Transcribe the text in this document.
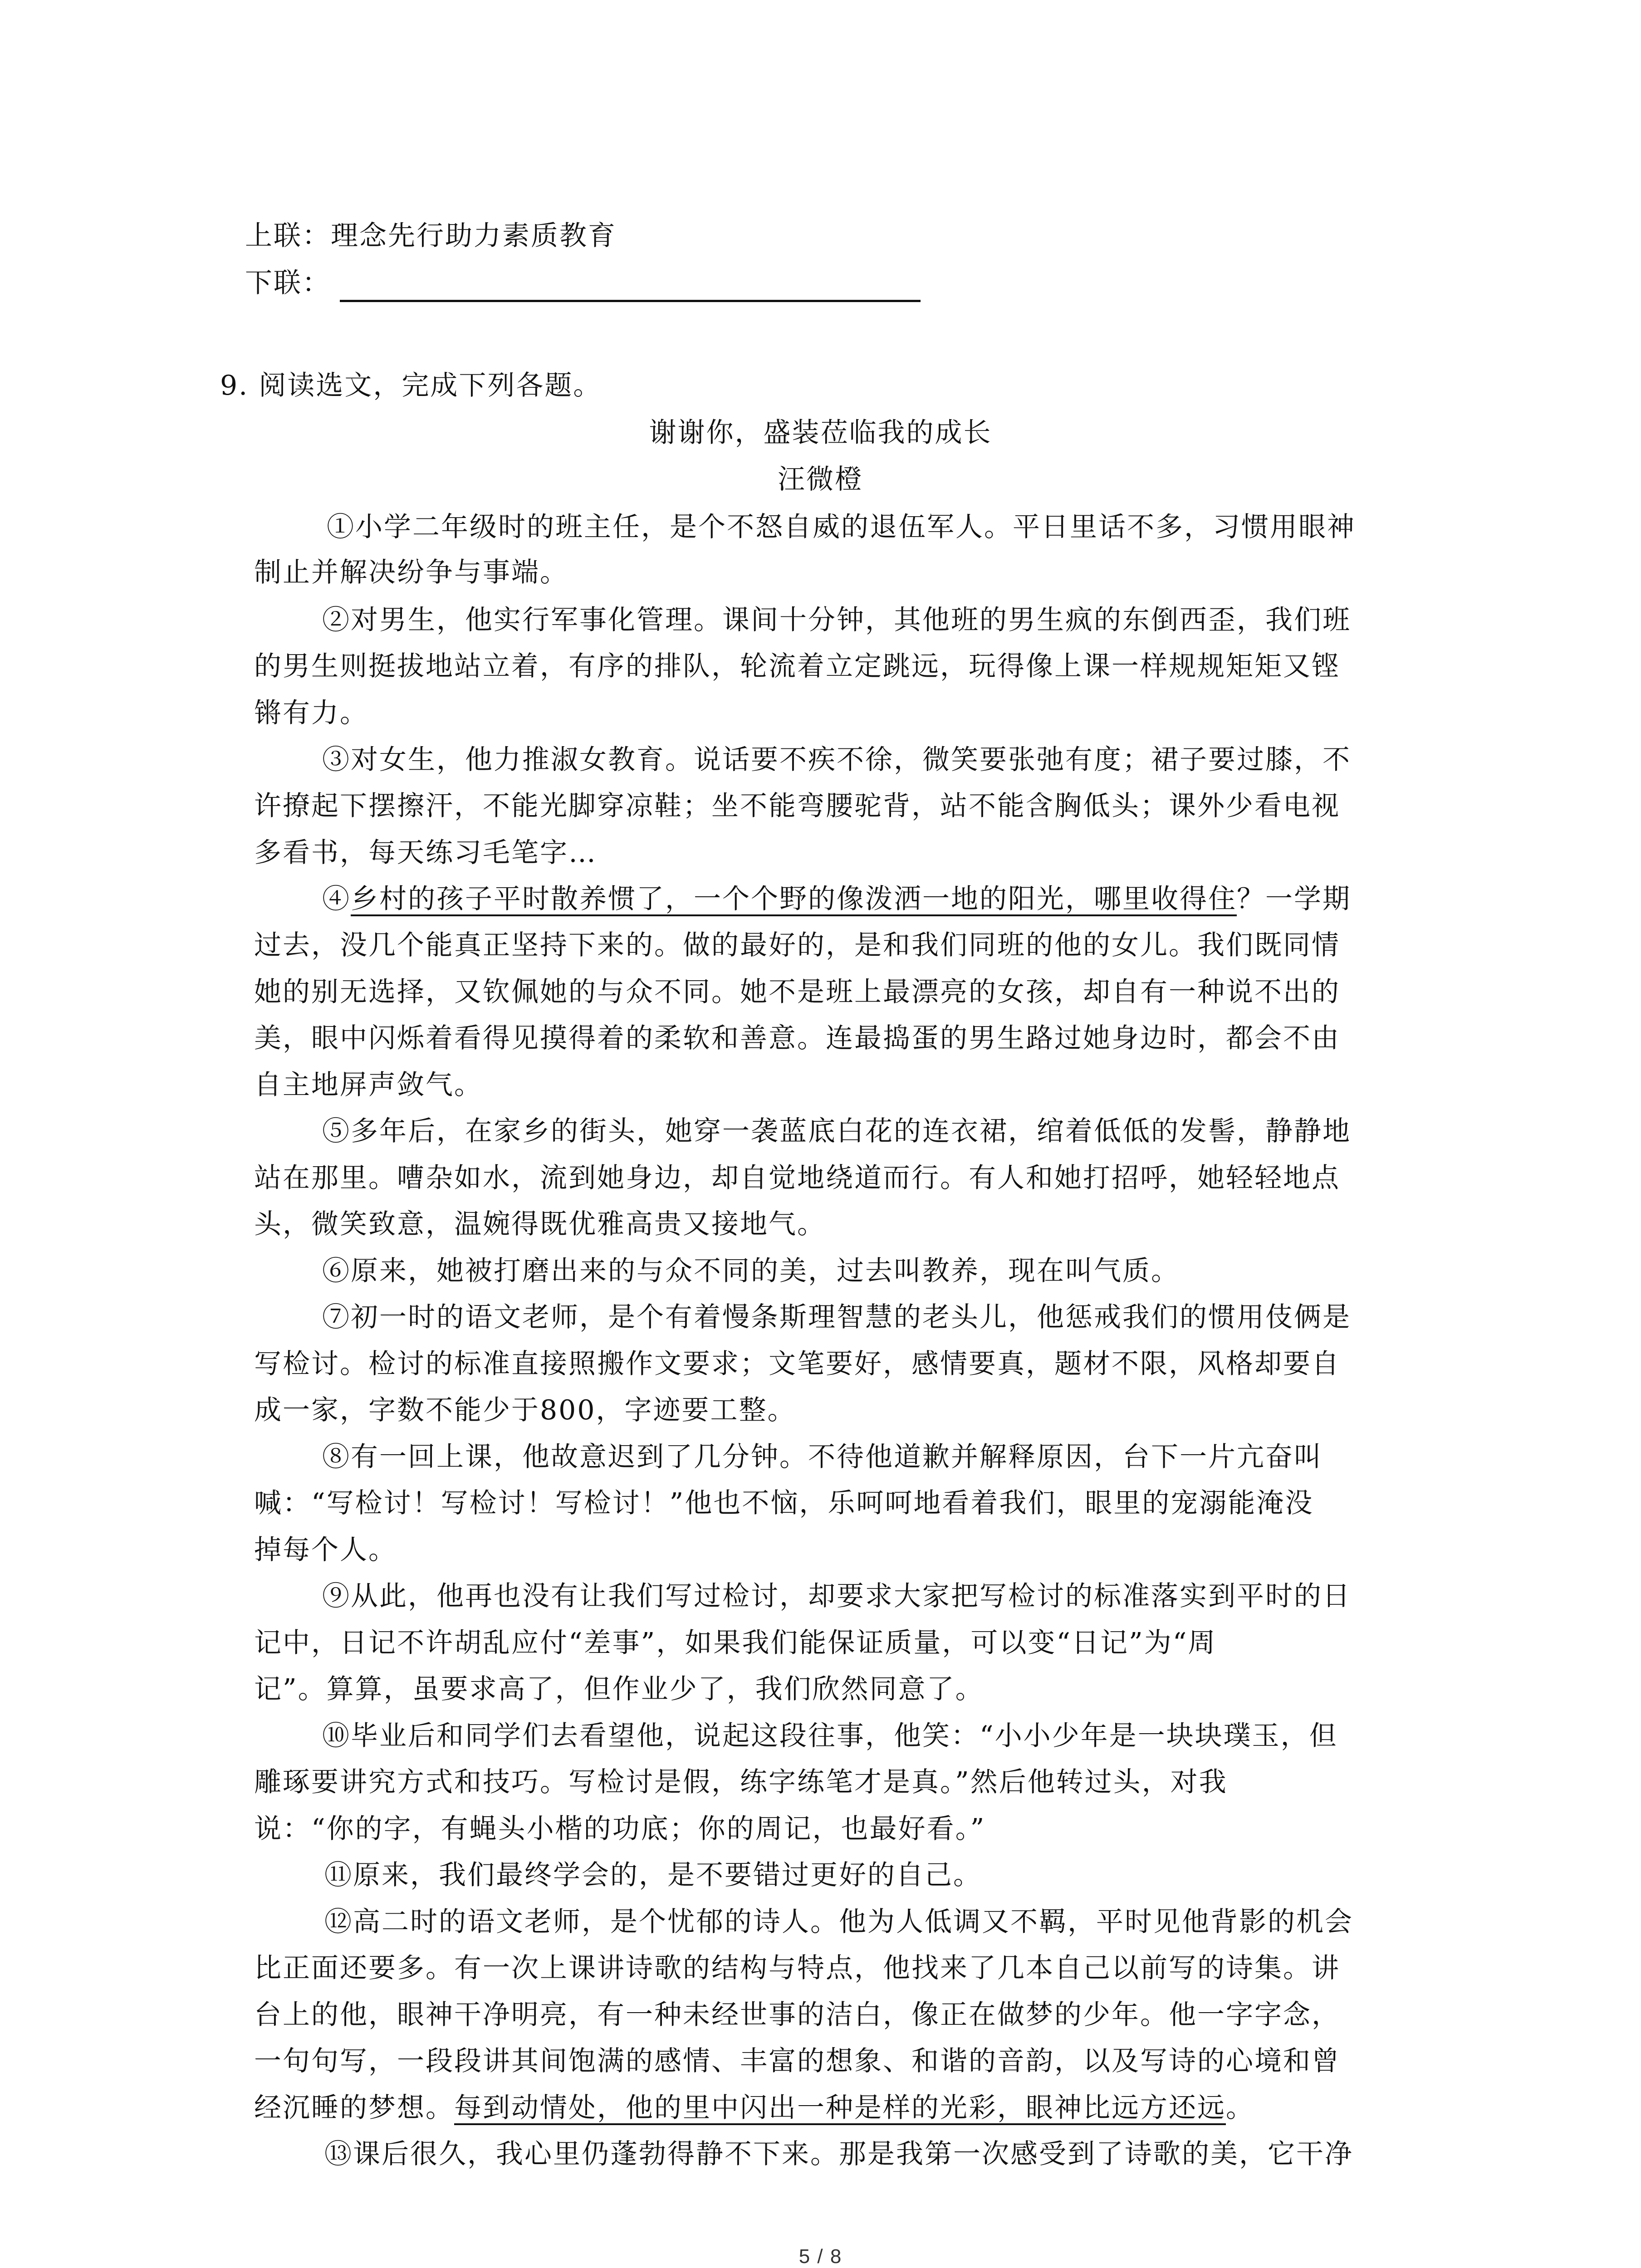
上联：理念先行助力素质教育
下联：
9. 阅读选文，完成下列各题。
谢谢你，盛装莅临我的成长
汪微橙
①小学二年级时的班主任，是个不怒自威的退伍军人。平日里话不多，习惯用眼神
制止并解决纷争与事端。
②对男生，他实行军事化管理。课间十分钟，其他班的男生疯的东倒西歪，我们班
的男生则挺拔地站立着，有序的排队，轮流着立定跳远，玩得像上课一样规规矩矩又铿
锵有力。
③对女生，他力推淑女教育。说话要不疾不徐，微笑要张弛有度；裙子要过膝，不
许撩起下摆擦汗，不能光脚穿凉鞋；坐不能弯腰驼背，站不能含胸低头；课外少看电视
多看书，每天练习毛笔字…
④乡村的孩子平时散养惯了，一个个野的像泼洒一地的阳光，哪里收得住？一学期
过去，没几个能真正坚持下来的。做的最好的，是和我们同班的他的女儿。我们既同情
她的别无选择，又钦佩她的与众不同。她不是班上最漂亮的女孩，却自有一种说不出的
美，眼中闪烁着看得见摸得着的柔软和善意。连最捣蛋的男生路过她身边时，都会不由
自主地屏声敛气。
⑤多年后，在家乡的街头，她穿一袭蓝底白花的连衣裙，绾着低低的发髻，静静地
站在那里。嘈杂如水，流到她身边，却自觉地绕道而行。有人和她打招呼，她轻轻地点
头，微笑致意，温婉得既优雅高贵又接地气。
⑥原来，她被打磨出来的与众不同的美，过去叫教养，现在叫气质。
⑦初一时的语文老师，是个有着慢条斯理智慧的老头儿，他惩戒我们的惯用伎俩是
写检讨。检讨的标准直接照搬作文要求；文笔要好，感情要真，题材不限，风格却要自
成一家，字数不能少于800，字迹要工整。
⑧有一回上课，他故意迟到了几分钟。不待他道歉并解释原因，台下一片亢奋叫
喊：“写检讨！写检讨！写检讨！”他也不恼，乐呵呵地看着我们，眼里的宠溺能淹没
掉每个人。
⑨从此，他再也没有让我们写过检讨，却要求大家把写检讨的标准落实到平时的日
记中，日记不许胡乱应付“差事”，如果我们能保证质量，可以变“日记”为“周
记”。算算，虽要求高了，但作业少了，我们欣然同意了。
⑩毕业后和同学们去看望他，说起这段往事，他笑：“小小少年是一块块璞玉，但
雕琢要讲究方式和技巧。写检讨是假，练字练笔才是真。”然后他转过头，对我
说：“你的字，有蝇头小楷的功底；你的周记，也最好看。”
⑪原来，我们最终学会的，是不要错过更好的自己。
⑫高二时的语文老师，是个忧郁的诗人。他为人低调又不羁，平时见他背影的机会
比正面还要多。有一次上课讲诗歌的结构与特点，他找来了几本自己以前写的诗集。讲
台上的他，眼神干净明亮，有一种未经世事的洁白，像正在做梦的少年。他一字字念，
一句句写，一段段讲其间饱满的感情、丰富的想象、和谐的音韵，以及写诗的心境和曾
经沉睡的梦想。每到动情处，他的里中闪出一种是样的光彩，眼神比远方还远。
⑬课后很久，我心里仍蓬勃得静不下来。那是我第一次感受到了诗歌的美，它干净
5 / 8
